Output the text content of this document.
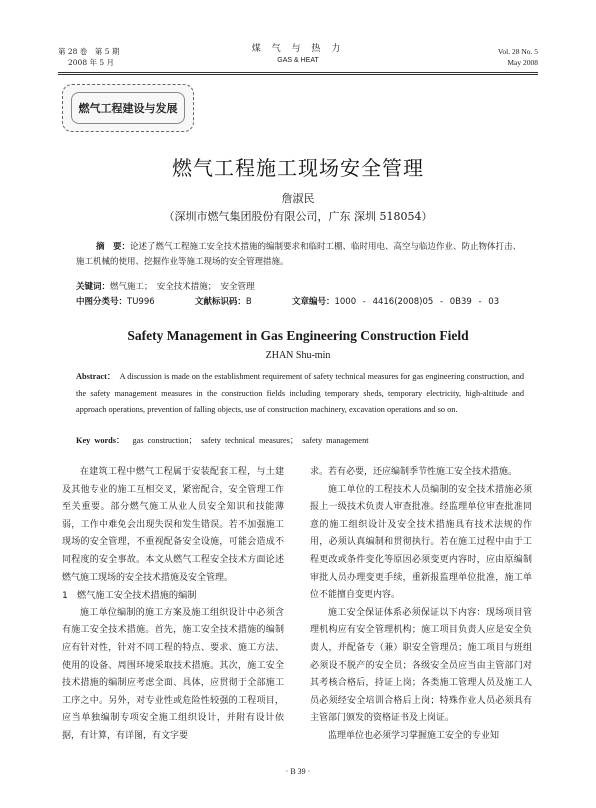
第 28 卷　第 5 期
2008 年 5 月
煤 气 与 热 力
GAS & HEAT
Vol. 28 No. 5
May 2008
燃气工程建设与发展
燃气工程施工现场安全管理
詹淑民
（深圳市燃气集团股份有限公司，广东 深圳 518054）
摘　要：论述了燃气工程施工安全技术措施的编制要求和临时工棚、临时用电、高空与临边作业、防止物体打击、施工机械的使用、挖掘作业等施工现场的安全管理措施。
关键词：燃气施工；　安全技术措施；　安全管理
中图分类号：TU996	文献标识码：B	文章编号：1000 - 4416(2008)05 - 0B39 - 03
Safety Management in Gas Engineering Construction Field
ZHAN Shu-min
Abstract： A discussion is made on the establishment requirement of safety technical measures for gas engineering construction, and the safety management measures in the construction fields including temporary sheds, temporary electricity, high-altitude and approach operations, prevention of falling objects, use of construction machinery, excavation operations and so on.
Key words： gas construction；　safety technical measures；　safety management

在建筑工程中燃气工程属于安装配套工程，与土建及其他专业的施工互相交叉，紧密配合，安全管理工作至关重要。部分燃气施工从业人员安全知识和技能薄弱，工作中难免会出现失误和发生错误。若不加强施工现场的安全管理，不重视配备安全设施，可能会造成不同程度的安全事故。本文从燃气工程安全技术方面论述燃气施工现场的安全技术措施及安全管理。

1　燃气施工安全技术措施的编制

施工单位编制的施工方案及施工组织设计中必须含有施工安全技术措施。首先，施工安全技术措施的编制应有针对性，针对不同工程的特点、要求、施工方法、使用的设备、周围环境采取技术措施。其次，施工安全技术措施的编制应考虑全面、具体，应贯彻于全部施工工序之中。另外，对专业性或危险性较强的工程项目，应当单独编制专项安全施工组织设计，并附有设计依据，有计算，有详图，有文字要

求。若有必要，还应编制季节性施工安全技术措施。

施工单位的工程技术人员编制的安全技术措施必须报上一级技术负责人审查批准。经监理单位审查批准同意的施工组织设计及安全技术措施具有技术法规的作用，必须认真编制和贯彻执行。若在施工过程中由于工程更改或条件变化等原因必须变更内容时，应由原编制审批人员办理变更手续，重新报监理单位批准，施工单位不能擅自变更内容。

施工安全保证体系必须保证以下内容：现场项目管理机构应有安全管理机构；施工项目负责人应是安全负责人，并配备专（兼）职安全管理员；施工项目与班组必须设不脱产的安全员；各级安全员应当由主管部门对其考核合格后，持证上岗；各类施工管理人员及施工人员必须经安全培训合格后上岗；特殊作业人员必须具有主管部门颁发的资格证书及上岗证。

监理单位也必须学习掌握施工安全的专业知

· B 39 ·
